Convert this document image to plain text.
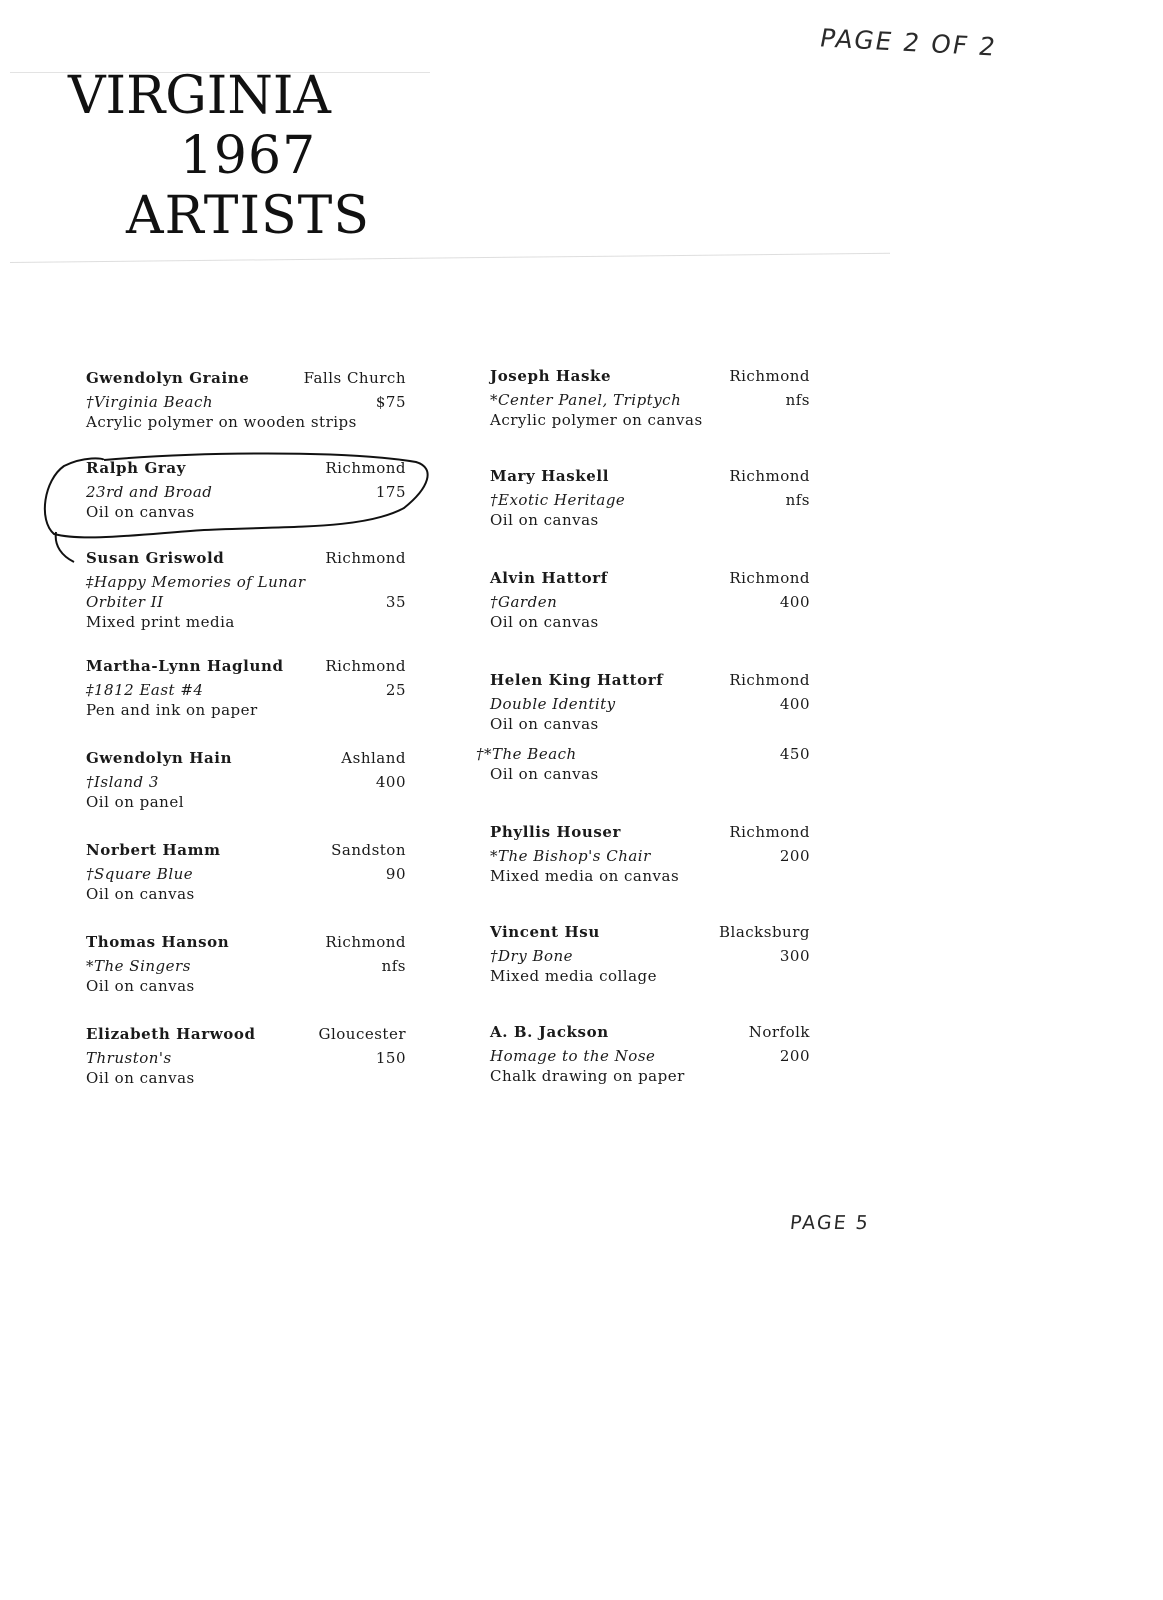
PAGE 2 OF 2
VIRGINIA
1967
ARTISTS
Gwendolyn Graine	Falls Church
†Virginia Beach	$75
Acrylic polymer on wooden strips
Ralph Gray	Richmond
23rd and Broad	175
Oil on canvas
Susan Griswold	Richmond
‡Happy Memories of Lunar
Orbiter II	35
Mixed print media
Martha-Lynn Haglund	Richmond
‡1812 East #4	25
Pen and ink on paper
Gwendolyn Hain	Ashland
†Island 3	400
Oil on panel
Norbert Hamm	Sandston
†Square Blue	90
Oil on canvas
Thomas Hanson	Richmond
*The Singers	nfs
Oil on canvas
Elizabeth Harwood	Gloucester
Thruston's	150
Oil on canvas
Joseph Haske	Richmond
*Center Panel, Triptych	nfs
Acrylic polymer on canvas
Mary Haskell	Richmond
†Exotic Heritage	nfs
Oil on canvas
Alvin Hattorf	Richmond
†Garden	400
Oil on canvas
Helen King Hattorf	Richmond
Double Identity	400
Oil on canvas
†*The Beach	450
Oil on canvas
Phyllis Houser	Richmond
*The Bishop's Chair	200
Mixed media on canvas
Vincent Hsu	Blacksburg
†Dry Bone	300
Mixed media collage
A. B. Jackson	Norfolk
Homage to the Nose	200
Chalk drawing on paper
PAGE 5
